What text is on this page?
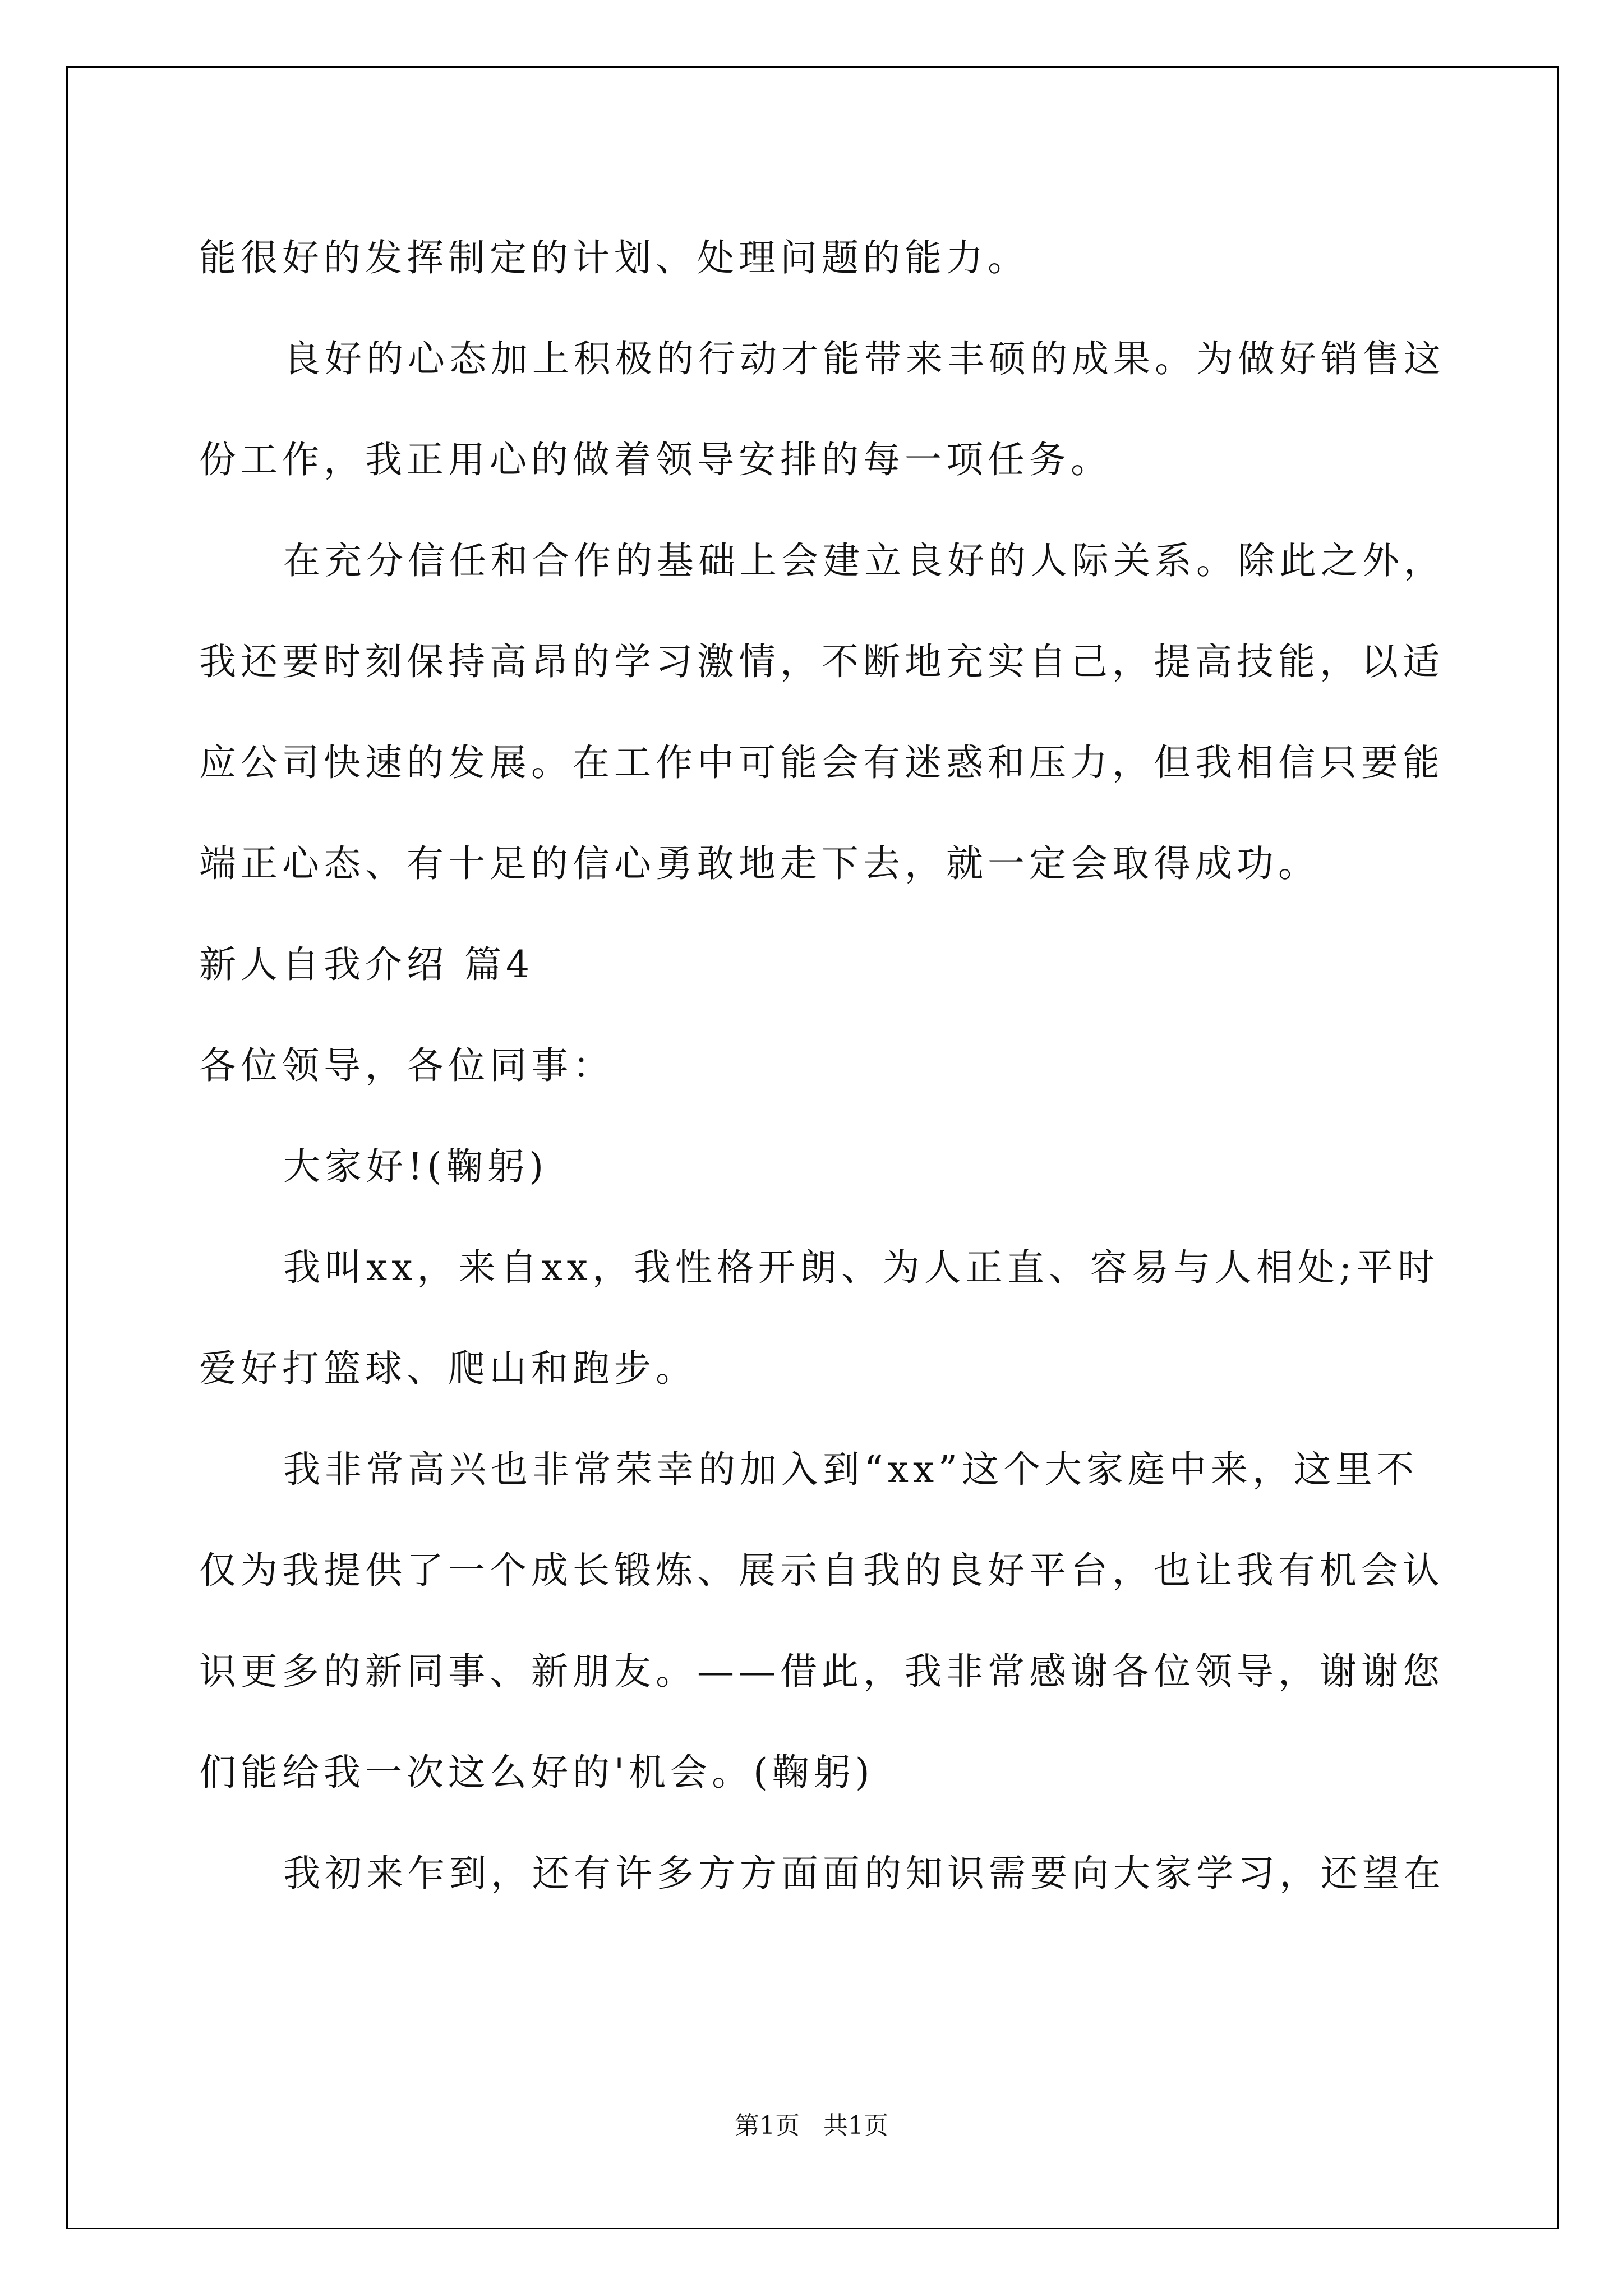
能很好的发挥制定的计划、处理问题的能力。
良好的心态加上积极的行动才能带来丰硕的成果。为做好销售这
份工作，我正用心的做着领导安排的每一项任务。
在充分信任和合作的基础上会建立良好的人际关系。除此之外，
我还要时刻保持高昂的学习激情，不断地充实自己，提高技能，以适
应公司快速的发展。在工作中可能会有迷惑和压力，但我相信只要能
端正心态、有十足的信心勇敢地走下去，就一定会取得成功。
新人自我介绍 篇4
各位领导，各位同事：
大家好!(鞠躬)
我叫xx，来自xx，我性格开朗、为人正直、容易与人相处;平时
爱好打篮球、爬山和跑步。
我非常高兴也非常荣幸的加入到“xx”这个大家庭中来，这里不
仅为我提供了一个成长锻炼、展示自我的良好平台，也让我有机会认
识更多的新同事、新朋友。——借此，我非常感谢各位领导，谢谢您
们能给我一次这么好的'机会。(鞠躬)
我初来乍到，还有许多方方面面的知识需要向大家学习，还望在
第1页   共1页
